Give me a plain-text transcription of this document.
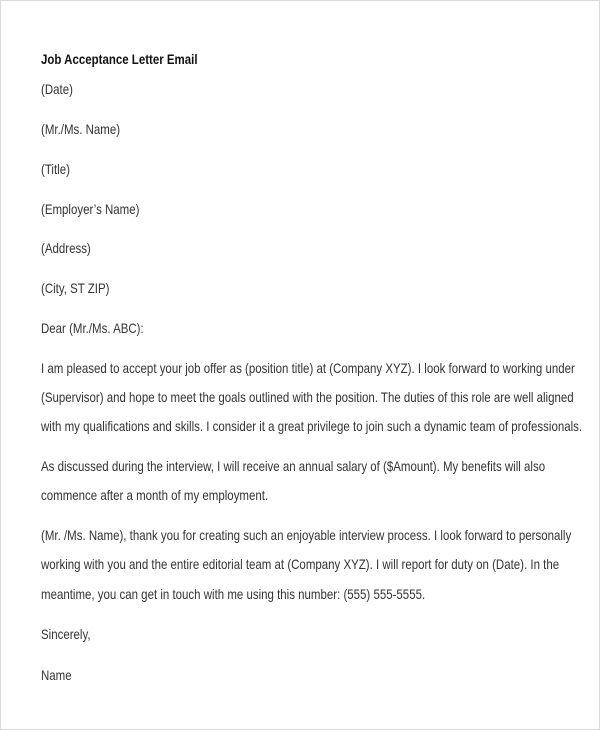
Job Acceptance Letter Email
(Date)
(Mr./Ms. Name)
(Title)
(Employer’s Name)
(Address)
(City, ST ZIP)
Dear (Mr./Ms. ABC):
I am pleased to accept your job offer as (position title) at (Company XYZ). I look forward to working under
(Supervisor) and hope to meet the goals outlined with the position. The duties of this role are well aligned
with my qualifications and skills. I consider it a great privilege to join such a dynamic team of professionals.
As discussed during the interview, I will receive an annual salary of ($Amount). My benefits will also
commence after a month of my employment.
(Mr. /Ms. Name), thank you for creating such an enjoyable interview process. I look forward to personally
working with you and the entire editorial team at (Company XYZ). I will report for duty on (Date). In the
meantime, you can get in touch with me using this number: (555) 555-5555.
Sincerely,
Name
